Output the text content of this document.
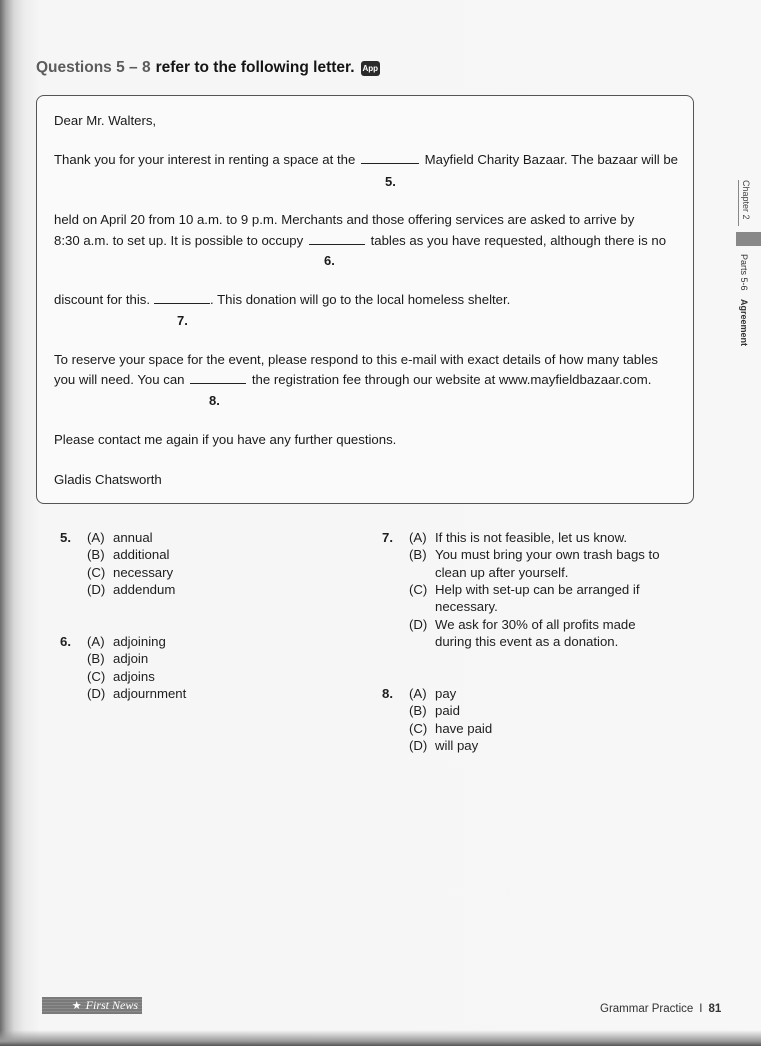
Questions 5 – 8 refer to the following letter. App
Dear Mr. Walters,
Thank you for your interest in renting a space at the	Mayfield Charity Bazaar. The bazaar will be
5.
held on April 20 from 10 a.m. to 9 p.m. Merchants and those offering services are asked to arrive by
8:30 a.m. to set up. It is possible to occupy	tables as you have requested, although there is no
6.
discount for this.	. This donation will go to the local homeless shelter.
7.
To reserve your space for the event, please respond to this e-mail with exact details of how many tables
you will need. You can	the registration fee through our website at www.mayfieldbazaar.com.
8.
Please contact me again if you have any further questions.
Gladis Chatsworth
5. (A) annual
(B) additional
(C) necessary
(D) addendum
6. (A) adjoining
(B) adjoin
(C) adjoins
(D) adjournment
7. (A) If this is not feasible, let us know.
(B) You must bring your own trash bags to
clean up after yourself.
(C) Help with set-up can be arranged if
necessary.
(D) We ask for 30% of all profits made
during this event as a donation.
8. (A) pay
(B) paid
(C) have paid
(D) will pay
Chapter 2
Parts 5-6 Agreement
★ First News	Grammar Practice I 81
